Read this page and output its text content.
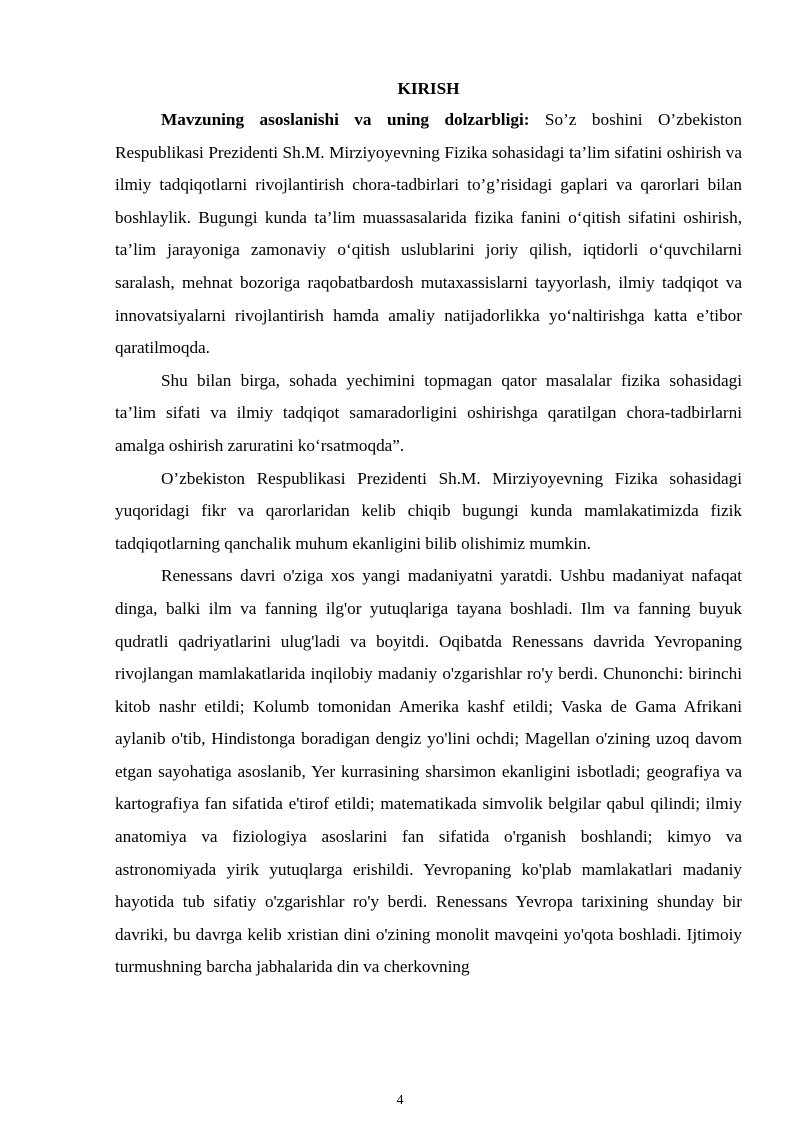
KIRISH

Mavzuning asoslanishi va uning dolzarbligi: So’z boshini O’zbekiston Respublikasi Prezidenti Sh.M. Mirziyoyevning Fizika sohasidagi ta’lim sifatini oshirish va ilmiy tadqiqotlarni rivojlantirish chora-tadbirlari to’g’risidagi gaplari va qarorlari bilan boshlaylik. Bugungi kunda ta’lim muassasalarida fizika fanini o‘qitish sifatini oshirish, ta’lim jarayoniga zamonaviy o‘qitish uslublarini joriy qilish, iqtidorli o‘quvchilarni saralash, mehnat bozoriga raqobatbardosh mutaxassislarni tayyorlash, ilmiy tadqiqot va innovatsiyalarni rivojlantirish hamda amaliy natijadorlikka yo‘naltirishga katta e’tibor qaratilmoqda.

Shu bilan birga, sohada yechimini topmagan qator masalalar fizika sohasidagi ta’lim sifati va ilmiy tadqiqot samaradorligini oshirishga qaratilgan chora-tadbirlarni amalga oshirish zaruratini ko‘rsatmoqda”.

O’zbekiston Respublikasi Prezidenti Sh.M. Mirziyoyevning Fizika sohasidagi yuqoridagi fikr va qarorlaridan kelib chiqib bugungi kunda mamlakatimizda fizik tadqiqotlarning qanchalik muhum ekanligini bilib olishimiz mumkin.

Renessans davri o'ziga xos yangi madaniyatni yaratdi. Ushbu madaniyat nafaqat dinga, balki ilm va fanning ilg'or yutuqlariga tayana boshladi. Ilm va fanning buyuk qudratli qadriyatlarini ulug'ladi va boyitdi. Oqibatda Renessans davrida Yevropaning rivojlangan mamlakatlarida inqilobiy madaniy o'zgarishlar ro'y berdi. Chunonchi: birinchi kitob nashr etildi; Kolumb tomonidan Amerika kashf etildi; Vaska de Gama Afrikani aylanib o'tib, Hindistonga boradigan dengiz yo'lini ochdi; Magellan o'zining uzoq davom etgan sayohatiga asoslanib, Yer kurrasining sharsimon ekanligini isbotladi; geografiya va kartografiya fan sifatida e'tirof etildi; matematikada simvolik belgilar qabul qilindi; ilmiy anatomiya va fiziologiya asoslarini fan sifatida o'rganish boshlandi; kimyo va astronomiyada yirik yutuqlarga erishildi. Yevropaning ko'plab mamlakatlari madaniy hayotida tub sifatiy o'zgarishlar ro'y berdi. Renessans Yevropa tarixining shunday bir davriki, bu davrga kelib xristian dini o'zining monolit mavqeini yo'qota boshladi. Ijtimoiy turmushning barcha jabhalarida din va cherkovning

4
